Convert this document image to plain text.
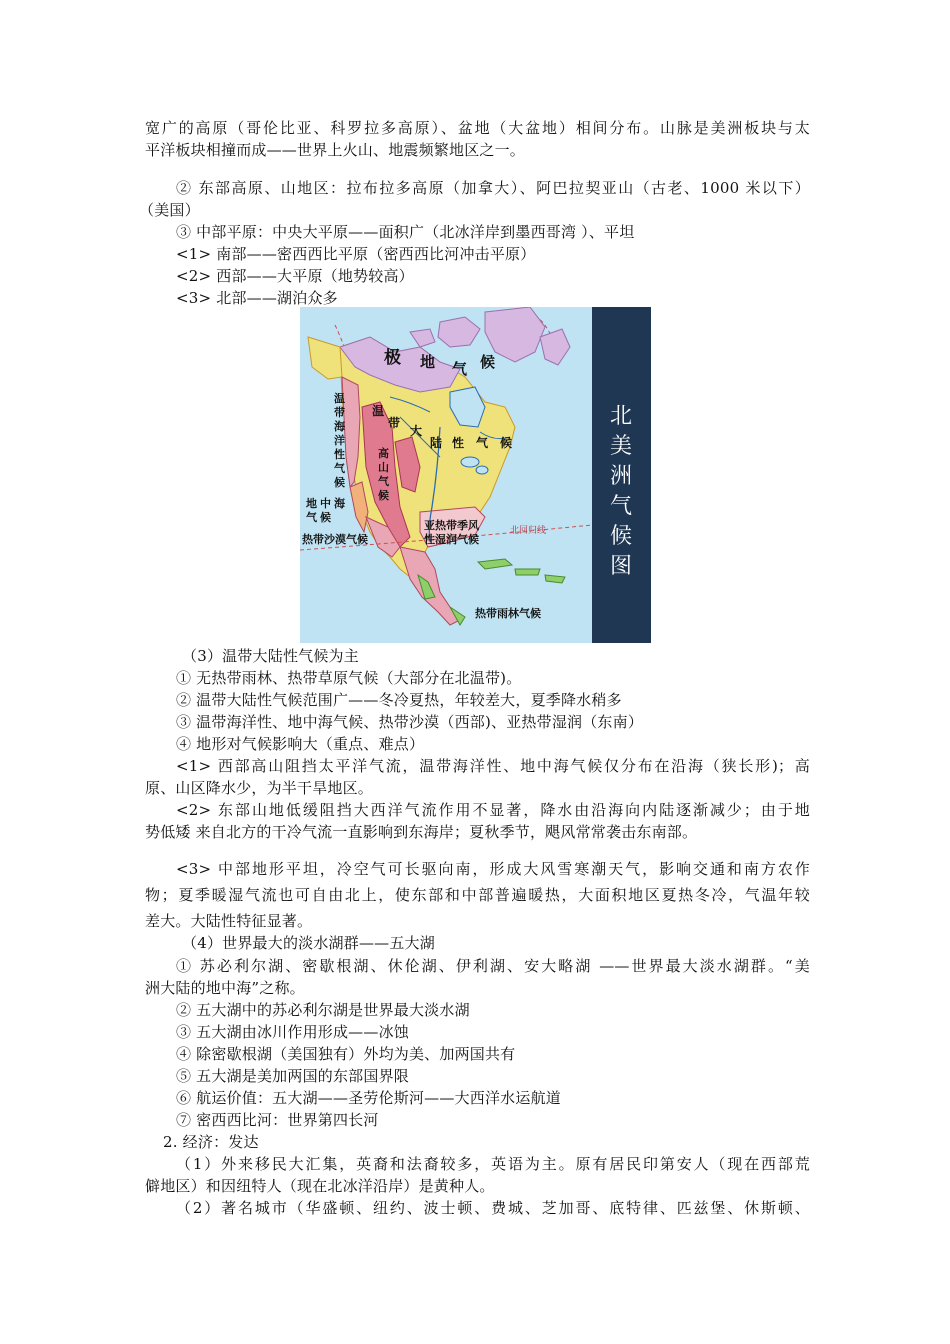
宽广的高原（哥伦比亚、科罗拉多高原）、盆地（大盆地）相间分布。山脉是美洲板块与太
平洋板块相撞而成——世界上火山、地震频繁地区之一。
② 东部高原、山地区：拉布拉多高原（加拿大）、阿巴拉契亚山（古老、1000 米以下）
（美国）
③ 中部平原：中央大平原——面积广（北冰洋岸到墨西哥湾 ）、平坦
<1> 南部——密西西比平原（密西西比河冲击平原）
<2> 西部——大平原（地势较高）
<3> 北部——湖泊众多
极 地 气 候
温
带
海
洋
性
气
候
温
带
大
陆 性 气 候
高
山
气
候
地 中 海
气 候
热带沙漠气候
亚热带季风
性湿润气候
北回归线
热带雨林气候
北
美
洲
气
候
图
（3）温带大陆性气候为主
① 无热带雨林、热带草原气候（大部分在北温带)。
② 温带大陆性气候范围广——冬冷夏热，年较差大，夏季降水稍多
③ 温带海洋性、地中海气候、热带沙漠（西部)、亚热带湿润（东南）
④ 地形对气候影响大（重点、难点）
<1> 西部高山阻挡太平洋气流，温带海洋性、地中海气候仅分布在沿海（狭长形)；高
原、山区降水少，为半干旱地区。
<2> 东部山地低缓阻挡大西洋气流作用不显著，降水由沿海向内陆逐渐减少；由于地
势低矮 来自北方的干冷气流一直影响到东海岸；夏秋季节，飓风常常袭击东南部。
<3> 中部地形平坦，冷空气可长驱向南，形成大风雪寒潮天气，影响交通和南方农作
物；夏季暖湿气流也可自由北上，使东部和中部普遍暖热，大面积地区夏热冬冷，气温年较
差大。大陆性特征显著。
（4）世界最大的淡水湖群——五大湖
① 苏必利尔湖、密歇根湖、休伦湖、伊利湖、安大略湖 ——世界最大淡水湖群。“美
洲大陆的地中海”之称。
② 五大湖中的苏必利尔湖是世界最大淡水湖
③ 五大湖由冰川作用形成——冰蚀
④ 除密歇根湖（美国独有）外均为美、加两国共有
⑤ 五大湖是美加两国的东部国界限
⑥ 航运价值：五大湖——圣劳伦斯河——大西洋水运航道
⑦ 密西西比河：世界第四长河
2. 经济：发达
（1）外来移民大汇集，英裔和法裔较多，英语为主。原有居民印第安人（现在西部荒
僻地区）和因纽特人（现在北冰洋沿岸）是黄种人。
（2）著名城市（华盛顿、纽约、波士顿、费城、芝加哥、底特律、匹兹堡、休斯顿、
